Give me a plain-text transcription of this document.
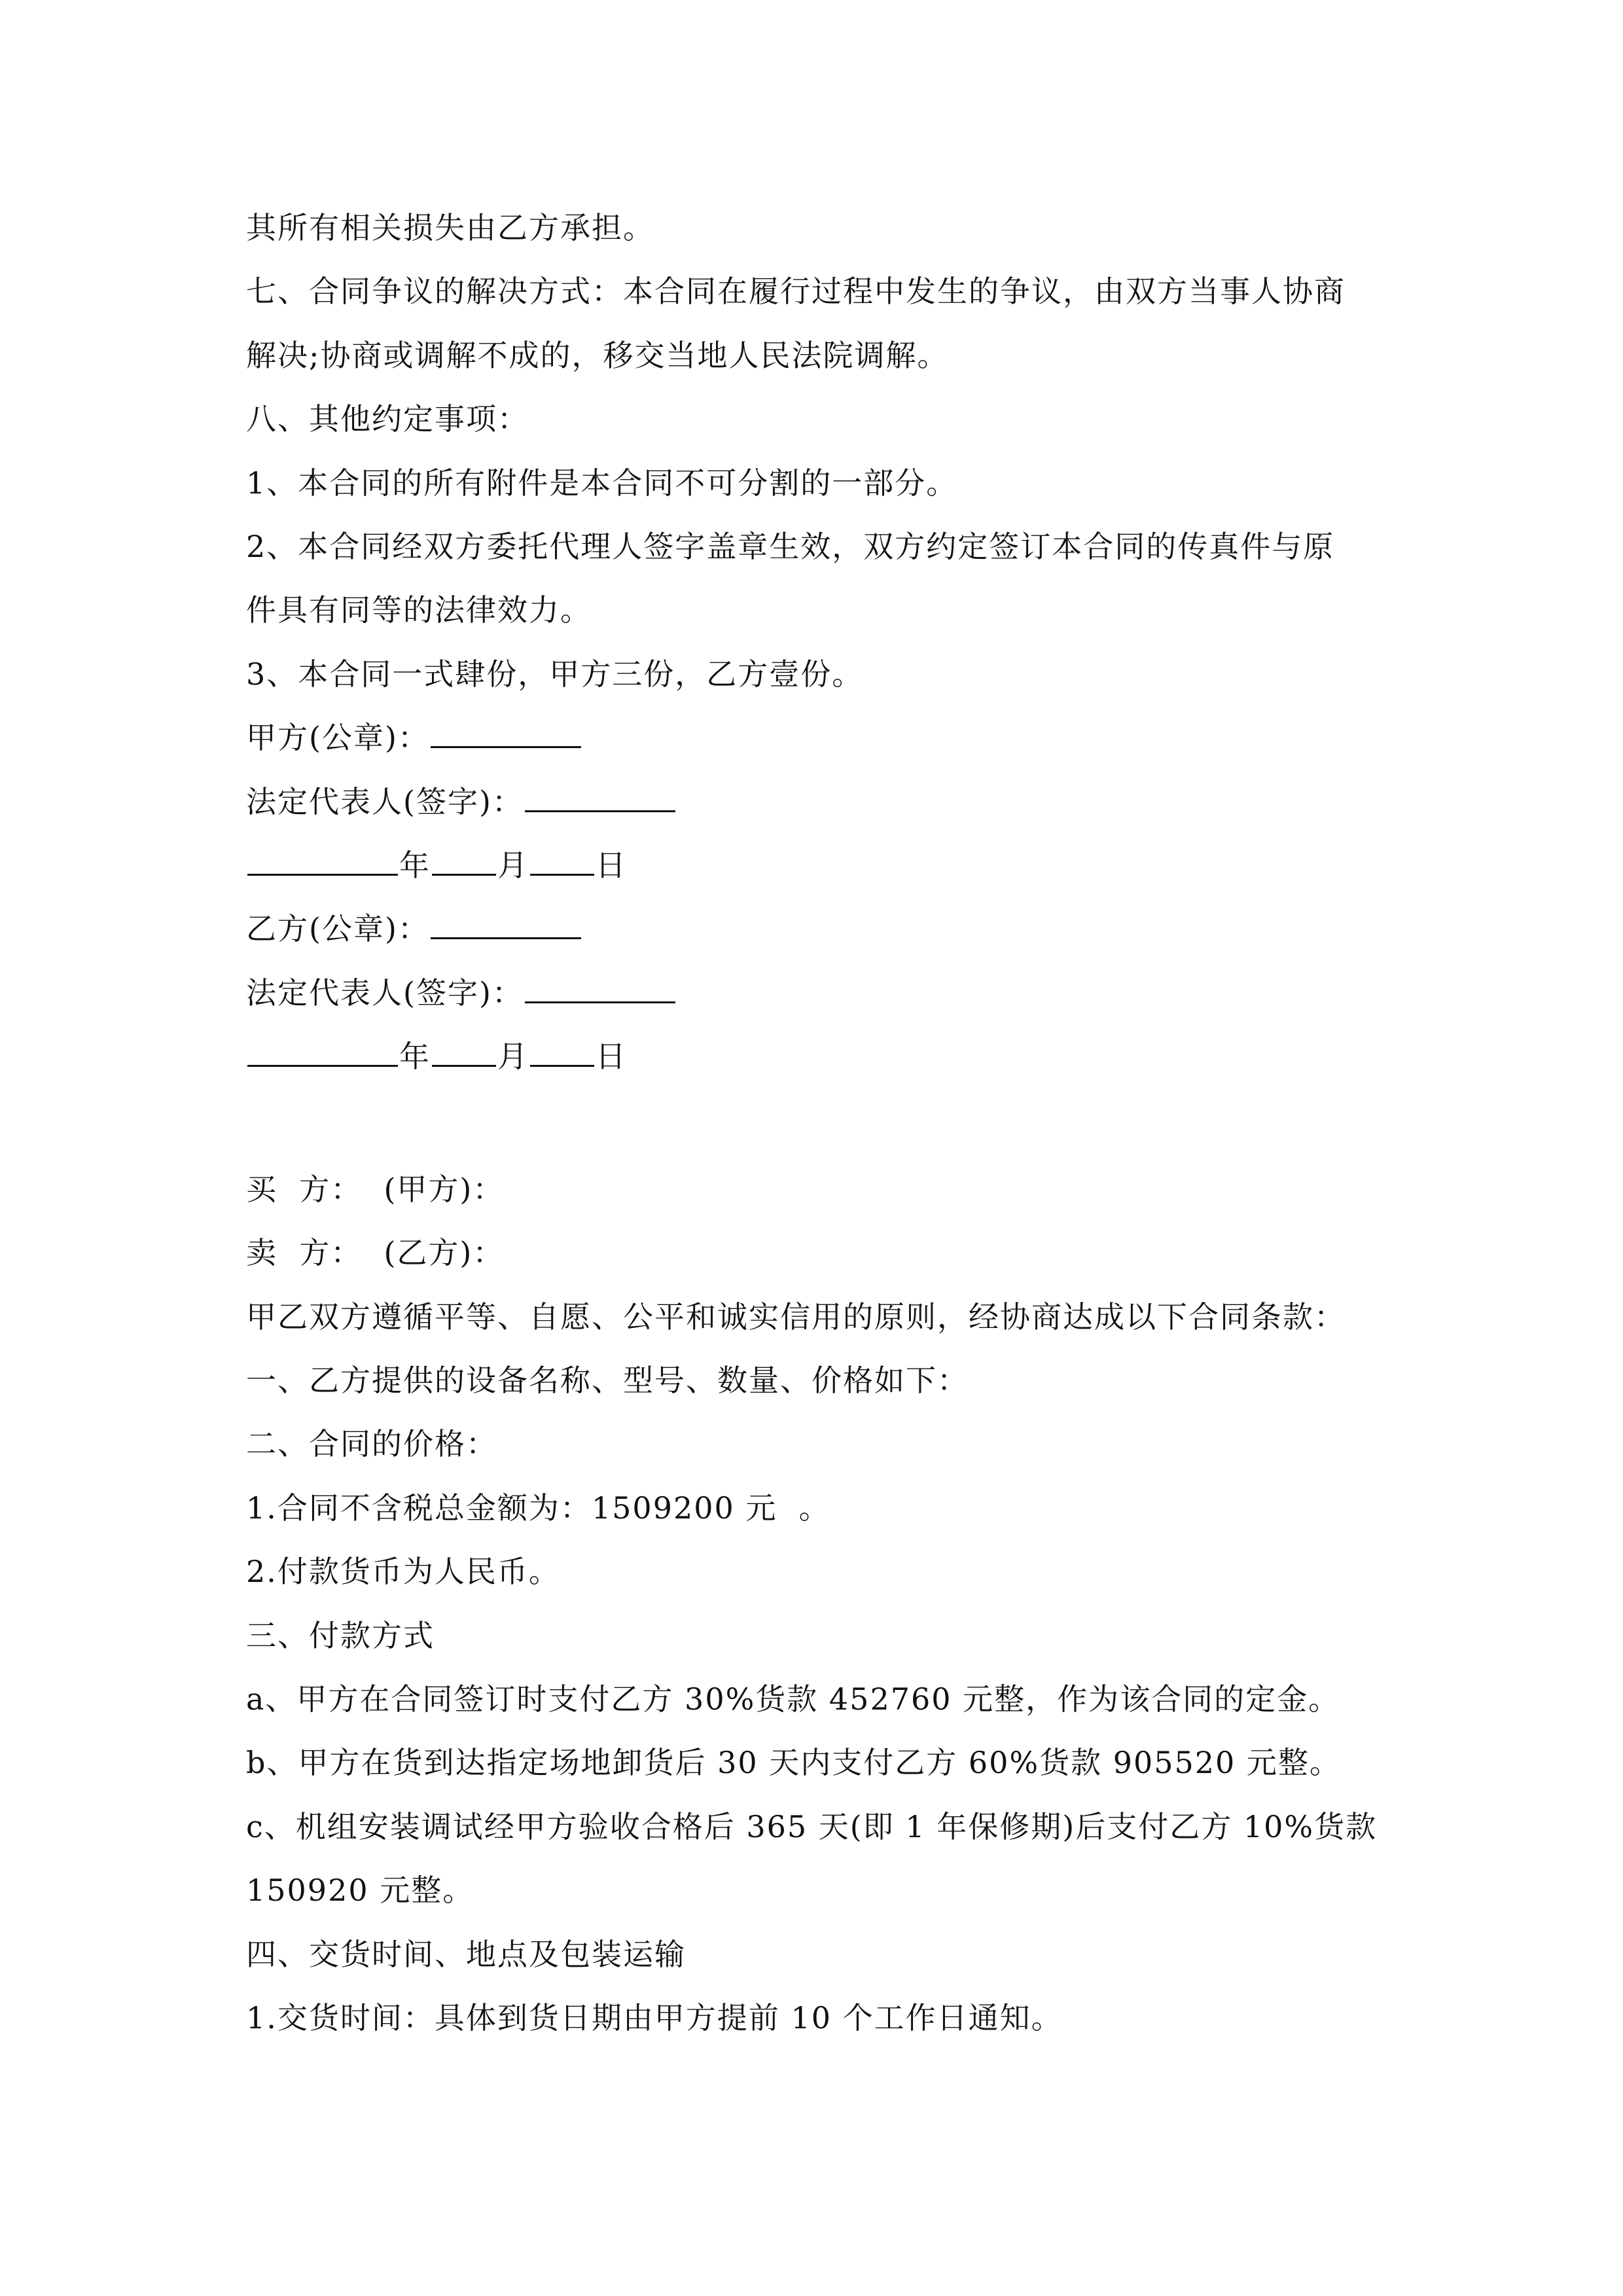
其所有相关损失由乙方承担。
七、合同争议的解决方式：本合同在履行过程中发生的争议，由双方当事人协商
解决;协商或调解不成的，移交当地人民法院调解。
八、其他约定事项：
1、本合同的所有附件是本合同不可分割的一部分。
2、本合同经双方委托代理人签字盖章生效，双方约定签订本合同的传真件与原
件具有同等的法律效力。
3、本合同一式肆份，甲方三份，乙方壹份。
甲方(公章)：
法定代表人(签字)：
年 月 日
乙方(公章)：
法定代表人(签字)：
年 月 日
买  方：  (甲方)：
卖  方：  (乙方)：
甲乙双方遵循平等、自愿、公平和诚实信用的原则，经协商达成以下合同条款：
一、乙方提供的设备名称、型号、数量、价格如下：
二、合同的价格：
1.合同不含税总金额为：1509200 元  。
2.付款货币为人民币。
三、付款方式
a、甲方在合同签订时支付乙方 30%货款 452760 元整，作为该合同的定金。
b、甲方在货到达指定场地卸货后 30 天内支付乙方 60%货款 905520 元整。
c、机组安装调试经甲方验收合格后 365 天(即 1 年保修期)后支付乙方 10%货款
150920 元整。
四、交货时间、地点及包装运输
1.交货时间：具体到货日期由甲方提前 10 个工作日通知。
